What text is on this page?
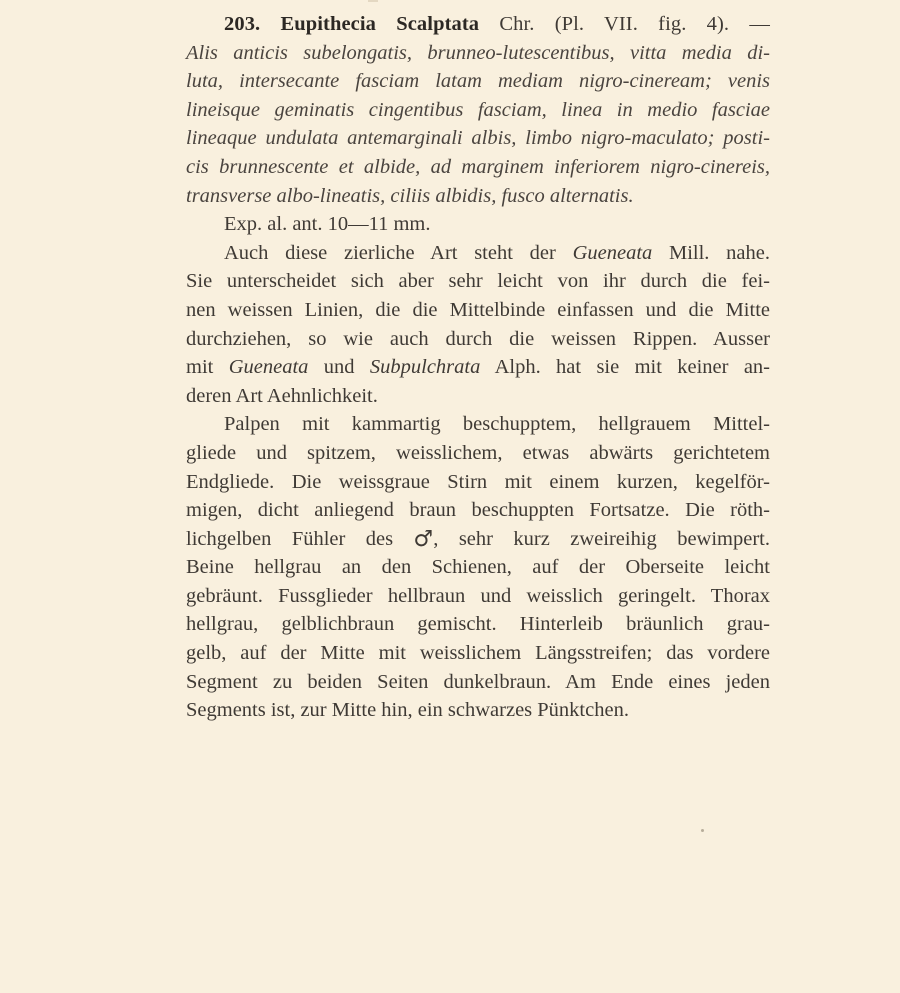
203. Eupithecia Scalptata Chr. (Pl. VII. fig. 4). —

Alis anticis subelongatis, brunneo-lutescentibus, vitta media di-

luta, intersecante fasciam latam mediam nigro-cineream; venis

lineisque geminatis cingentibus fasciam, linea in medio fasciae

lineaque undulata antemarginali albis, limbo nigro-maculato; posti-

cis brunnescente et albide, ad marginem inferiorem nigro-cinereis,

transverse albo-lineatis, ciliis albidis, fusco alternatis.

Exp. al. ant. 10—11 mm.

Auch diese zierliche Art steht der Gueneata Mill. nahe.

Sie unterscheidet sich aber sehr leicht von ihr durch die fei-

nen weissen Linien, die die Mittelbinde einfassen und die Mitte

durchziehen, so wie auch durch die weissen Rippen. Ausser

mit Gueneata und Subpulchrata Alph. hat sie mit keiner an-

deren Art Aehnlichkeit.

Palpen mit kammartig beschupptem, hellgrauem Mittel-

gliede und spitzem, weisslichem, etwas abwärts gerichtetem

Endgliede. Die weissgraue Stirn mit einem kurzen, kegelför-

migen, dicht anliegend braun beschuppten Fortsatze. Die röth-

lichgelben Fühler des ♂, sehr kurz zweireihig bewimpert.

Beine hellgrau an den Schienen, auf der Oberseite leicht

gebräunt. Fussglieder hellbraun und weisslich geringelt. Thorax

hellgrau, gelblichbraun gemischt. Hinterleib bräunlich grau-

gelb, auf der Mitte mit weisslichem Längsstreifen; das vordere

Segment zu beiden Seiten dunkelbraun. Am Ende eines jeden

Segments ist, zur Mitte hin, ein schwarzes Pünktchen.
